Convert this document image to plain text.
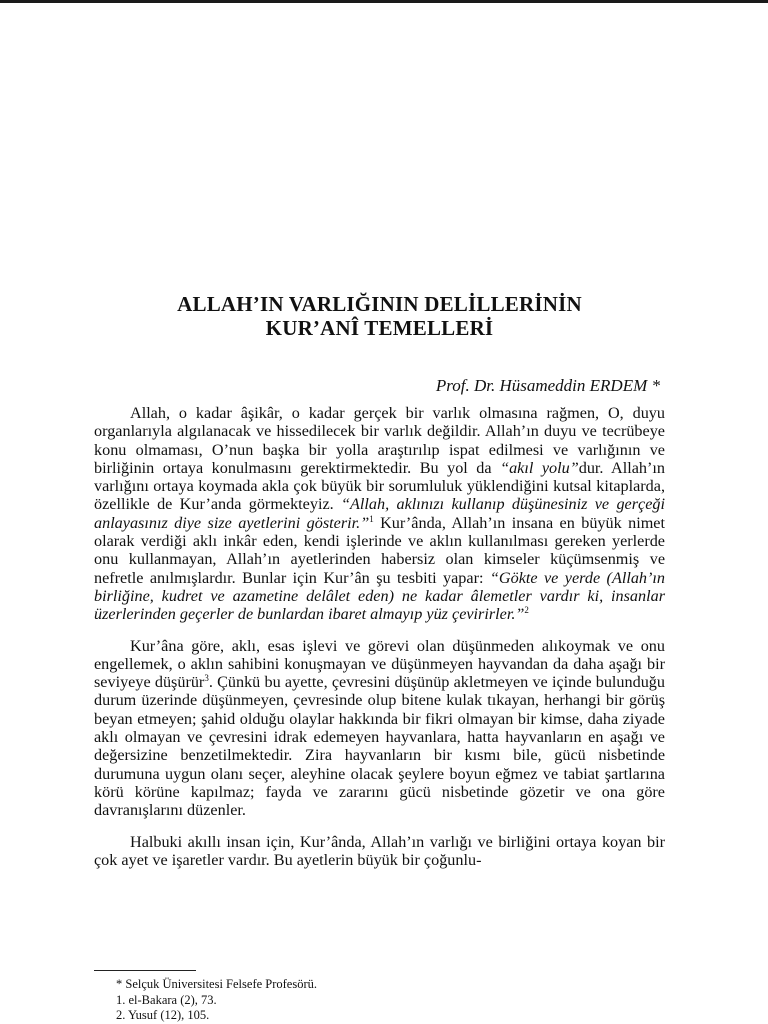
ALLAH’IN VARLIĞININ DELİLLERİNİN
KUR’ANÎ TEMELLERİ
Prof. Dr. Hüsameddin ERDEM *

Allah, o kadar âşikâr, o kadar gerçek bir varlık olmasına rağmen, O, duyu organlarıyla algılanacak ve hissedilecek bir varlık değildir. Allah’ın duyu ve tecrübeye konu olmaması, O’nun başka bir yolla araştırılıp ispat edilmesi ve varlığının ve birliğinin ortaya konulmasını gerektirmektedir. Bu yol da “akıl yolu”dur. Allah’ın varlığını ortaya koymada akla çok büyük bir sorumluluk yüklendiğini kutsal kitaplarda, özellikle de Kur’anda görmekteyiz. “Allah, aklınızı kullanıp düşünesiniz ve gerçeği anlayasınız diye size ayetlerini gösterir.”$^1$ Kur’ânda, Allah’ın insana en büyük nimet olarak verdiği aklı inkâr eden, kendi işlerinde ve aklın kullanılması gereken yerlerde onu kullanmayan, Allah’ın ayetlerinden habersiz olan kimseler küçümsenmiş ve nefretle anılmışlardır. Bunlar için Kur’ân şu tesbiti yapar: “Gökte ve yerde (Allah’ın birliğine, kudret ve azametine delâlet eden) ne kadar âlemetler vardır ki, insanlar üzerlerinden geçerler de bunlardan ibaret almayıp yüz çevirirler.”$^2$

Kur’âna göre, aklı, esas işlevi ve görevi olan düşünmeden alıkoymak ve onu engellemek, o aklın sahibini konuşmayan ve düşünmeyen hayvandan da daha aşağı bir seviyeye düşürür$^3$. Çünkü bu ayette, çevresini düşünüp akletmeyen ve içinde bulunduğu durum üzerinde düşünmeyen, çevresinde olup bitene kulak tıkayan, herhangi bir görüş beyan etmeyen; şahid olduğu olaylar hakkında bir fikri olmayan bir kimse, daha ziyade aklı olmayan ve çevresini idrak edemeyen hayvanlara, hatta hayvanların en aşağı ve değersizine benzetilmektedir. Zira hayvanların bir kısmı bile, gücü nisbetinde durumuna uygun olanı seçer, aleyhine olacak şeylere boyun eğmez ve tabiat şartlarına körü körüne kapılmaz; fayda ve zararını gücü nisbetinde gözetir ve ona göre davranışlarını düzenler.

Halbuki akıllı insan için, Kur’ânda, Allah’ın varlığı ve birliğini ortaya koyan bir çok ayet ve işaretler vardır. Bu ayetlerin büyük bir çoğunlu-

* Selçuk Üniversitesi Felsefe Profesörü.
1. el-Bakara (2), 73.
2. Yusuf (12), 105.
